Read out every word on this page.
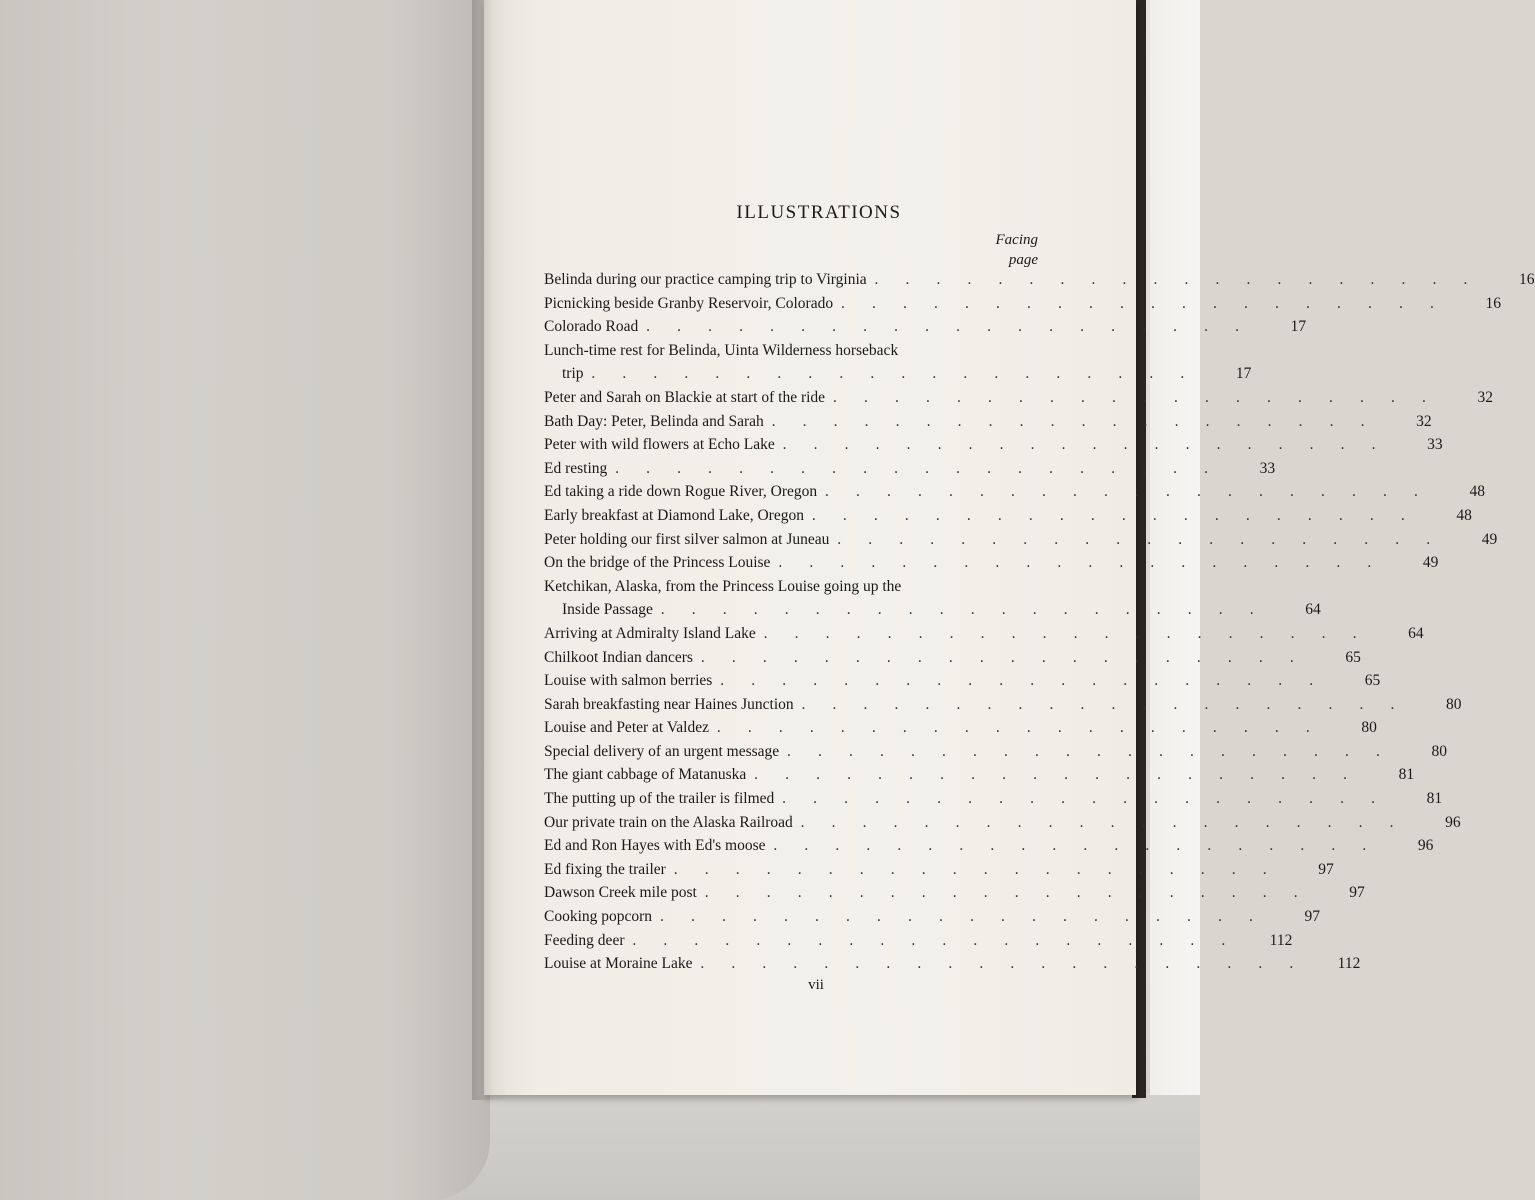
ILLUSTRATIONS
Facing
page
Belinda during our practice camping trip to Virginia .       .       .       .       .       .       .       .       .       .       .       .       .       .       .       .       .       .       .       .	16
Picnicking beside Granby Reservoir, Colorado .       .       .       .       .       .       .       .       .       .       .       .       .       .       .       .       .       .       .       .	16
Colorado Road .       .       .       .       .       .       .       .       .       .       .       .       .       .       .       .       .       .       .       .	17
Lunch-time rest for Belinda, Uinta Wilderness horseback
trip .       .       .       .       .       .       .       .       .       .       .       .       .       .       .       .       .       .       .       .	17
Peter and Sarah on Blackie at start of the ride .       .       .       .       .       .       .       .       .       .       .       .       .       .       .       .       .       .       .       .	32
Bath Day: Peter, Belinda and Sarah .       .       .       .       .       .       .       .       .       .       .       .       .       .       .       .       .       .       .       .	32
Peter with wild flowers at Echo Lake .       .       .       .       .       .       .       .       .       .       .       .       .       .       .       .       .       .       .       .	33
Ed resting .       .       .       .       .       .       .       .       .       .       .       .       .       .       .       .       .       .       .       .	33
Ed taking a ride down Rogue River, Oregon .       .       .       .       .       .       .       .       .       .       .       .       .       .       .       .       .       .       .       .	48
Early breakfast at Diamond Lake, Oregon .       .       .       .       .       .       .       .       .       .       .       .       .       .       .       .       .       .       .       .	48
Peter holding our first silver salmon at Juneau .       .       .       .       .       .       .       .       .       .       .       .       .       .       .       .       .       .       .       .	49
On the bridge of the Princess Louise .       .       .       .       .       .       .       .       .       .       .       .       .       .       .       .       .       .       .       .	49
Ketchikan, Alaska, from the Princess Louise going up the
Inside Passage .       .       .       .       .       .       .       .       .       .       .       .       .       .       .       .       .       .       .       .	64
Arriving at Admiralty Island Lake .       .       .       .       .       .       .       .       .       .       .       .       .       .       .       .       .       .       .       .	64
Chilkoot Indian dancers .       .       .       .       .       .       .       .       .       .       .       .       .       .       .       .       .       .       .       .	65
Louise with salmon berries .       .       .       .       .       .       .       .       .       .       .       .       .       .       .       .       .       .       .       .	65
Sarah breakfasting near Haines Junction .       .       .       .       .       .       .       .       .       .       .       .       .       .       .       .       .       .       .       .	80
Louise and Peter at Valdez .       .       .       .       .       .       .       .       .       .       .       .       .       .       .       .       .       .       .       .	80
Special delivery of an urgent message .       .       .       .       .       .       .       .       .       .       .       .       .       .       .       .       .       .       .       .	80
The giant cabbage of Matanuska .       .       .       .       .       .       .       .       .       .       .       .       .       .       .       .       .       .       .       .	81
The putting up of the trailer is filmed .       .       .       .       .       .       .       .       .       .       .       .       .       .       .       .       .       .       .       .	81
Our private train on the Alaska Railroad .       .       .       .       .       .       .       .       .       .       .       .       .       .       .       .       .       .       .       .	96
Ed and Ron Hayes with Ed's moose .       .       .       .       .       .       .       .       .       .       .       .       .       .       .       .       .       .       .       .	96
Ed fixing the trailer .       .       .       .       .       .       .       .       .       .       .       .       .       .       .       .       .       .       .       .	97
Dawson Creek mile post .       .       .       .       .       .       .       .       .       .       .       .       .       .       .       .       .       .       .       .	97
Cooking popcorn .       .       .       .       .       .       .       .       .       .       .       .       .       .       .       .       .       .       .       .	97
Feeding deer .       .       .       .       .       .       .       .       .       .       .       .       .       .       .       .       .       .       .       .	112
Louise at Moraine Lake .       .       .       .       .       .       .       .       .       .       .       .       .       .       .       .       .       .       .       .	112
vii
